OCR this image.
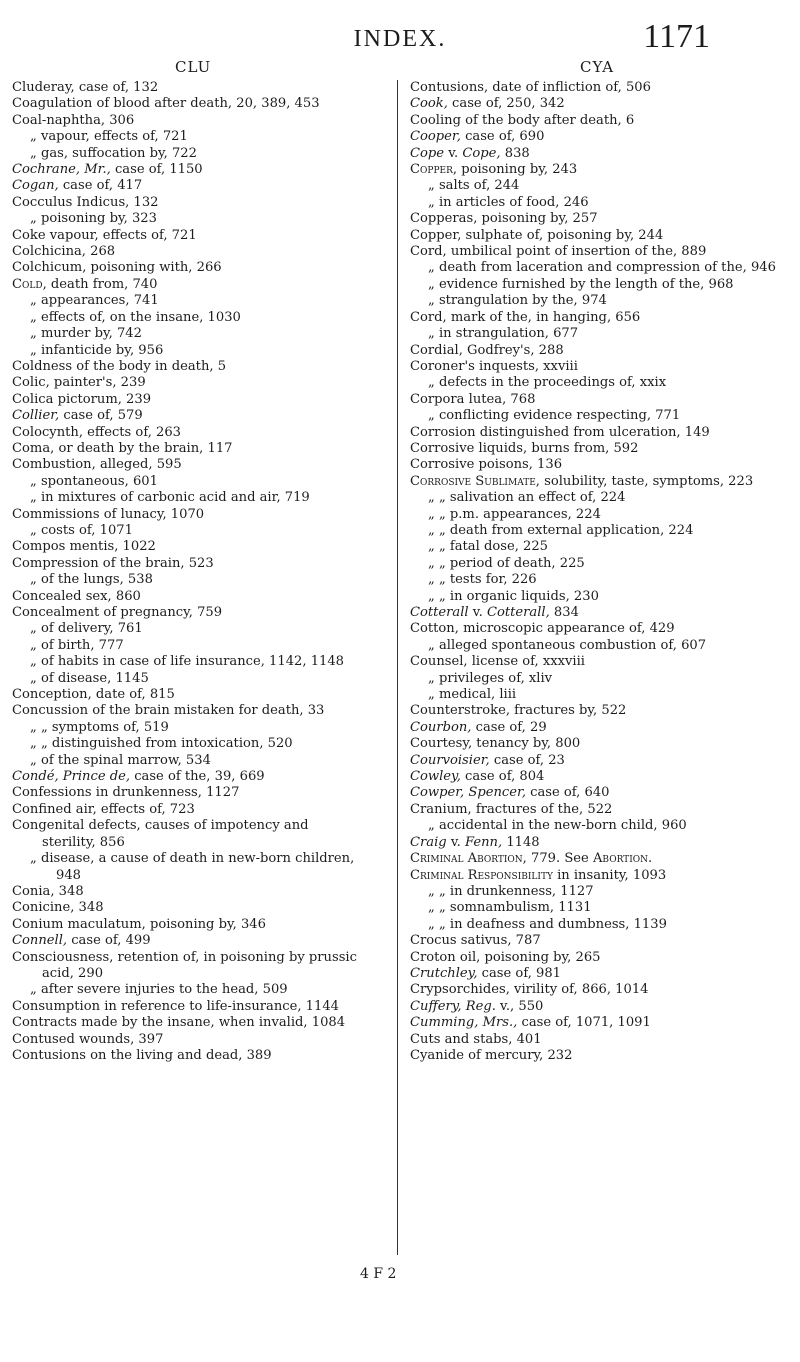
INDEX.	1171
CLU	CYA
Cluderay, case of, 132
Coagulation of blood after death, 20, 389, 453
Coal-naphtha, 306
„ vapour, effects of, 721
„ gas, suffocation by, 722
Cochrane, Mr., case of, 1150
Cogan, case of, 417
Cocculus Indicus, 132
„ poisoning by, 323
Coke vapour, effects of, 721
Colchicina, 268
Colchicum, poisoning with, 266
Cold, death from, 740
„ appearances, 741
„ effects of, on the insane, 1030
„ murder by, 742
„ infanticide by, 956
Coldness of the body in death, 5
Colic, painter's, 239
Colica pictorum, 239
Collier, case of, 579
Colocynth, effects of, 263
Coma, or death by the brain, 117
Combustion, alleged, 595
„ spontaneous, 601
„ in mixtures of carbonic acid and air, 719
Commissions of lunacy, 1070
„ costs of, 1071
Compos mentis, 1022
Compression of the brain, 523
„ of the lungs, 538
Concealed sex, 860
Concealment of pregnancy, 759
„ of delivery, 761
„ of birth, 777
„ of habits in case of life insurance, 1142, 1148
„ of disease, 1145
Conception, date of, 815
Concussion of the brain mistaken for death, 33
„ „ symptoms of, 519
„ „ distinguished from intoxication, 520
„ of the spinal marrow, 534
Condé, Prince de, case of the, 39, 669
Confessions in drunkenness, 1127
Confined air, effects of, 723
Congenital defects, causes of impotency and sterility, 856
„ disease, a cause of death in new-born children, 948
Conia, 348
Conicine, 348
Conium maculatum, poisoning by, 346
Connell, case of, 499
Consciousness, retention of, in poisoning by prussic acid, 290
„ after severe injuries to the head, 509
Consumption in reference to life-insurance, 1144
Contracts made by the insane, when invalid, 1084
Contused wounds, 397
Contusions on the living and dead, 389
Contusions, date of infliction of, 506
Cook, case of, 250, 342
Cooling of the body after death, 6
Cooper, case of, 690
Cope v. Cope, 838
Copper, poisoning by, 243
„ salts of, 244
„ in articles of food, 246
Copperas, poisoning by, 257
Copper, sulphate of, poisoning by, 244
Cord, umbilical point of insertion of the, 889
„ death from laceration and compression of the, 946
„ evidence furnished by the length of the, 968
„ strangulation by the, 974
Cord, mark of the, in hanging, 656
„ in strangulation, 677
Cordial, Godfrey's, 288
Coroner's inquests, xxviii
„ defects in the proceedings of, xxix
Corpora lutea, 768
„ conflicting evidence respecting, 771
Corrosion distinguished from ulceration, 149
Corrosive liquids, burns from, 592
Corrosive poisons, 136
Corrosive Sublimate, solubility, taste, symptoms, 223
„ „ salivation an effect of, 224
„ „ p.m. appearances, 224
„ „ death from external application, 224
„ „ fatal dose, 225
„ „ period of death, 225
„ „ tests for, 226
„ „ in organic liquids, 230
Cotterall v. Cotterall, 834
Cotton, microscopic appearance of, 429
„ alleged spontaneous combustion of, 607
Counsel, license of, xxxviii
„ privileges of, xliv
„ medical, liii
Counterstroke, fractures by, 522
Courbon, case of, 29
Courtesy, tenancy by, 800
Courvoisier, case of, 23
Cowley, case of, 804
Cowper, Spencer, case of, 640
Cranium, fractures of the, 522
„ accidental in the new-born child, 960
Craig v. Fenn, 1148
Criminal Abortion, 779. See Abortion.
Criminal Responsibility in insanity, 1093
„ „ in drunkenness, 1127
„ „ somnambulism, 1131
„ „ in deafness and dumbness, 1139
Crocus sativus, 787
Croton oil, poisoning by, 265
Crutchley, case of, 981
Crypsorchides, virility of, 866, 1014
Cuffery, Reg. v., 550
Cumming, Mrs., case of, 1071, 1091
Cuts and stabs, 401
Cyanide of mercury, 232
4 F 2
